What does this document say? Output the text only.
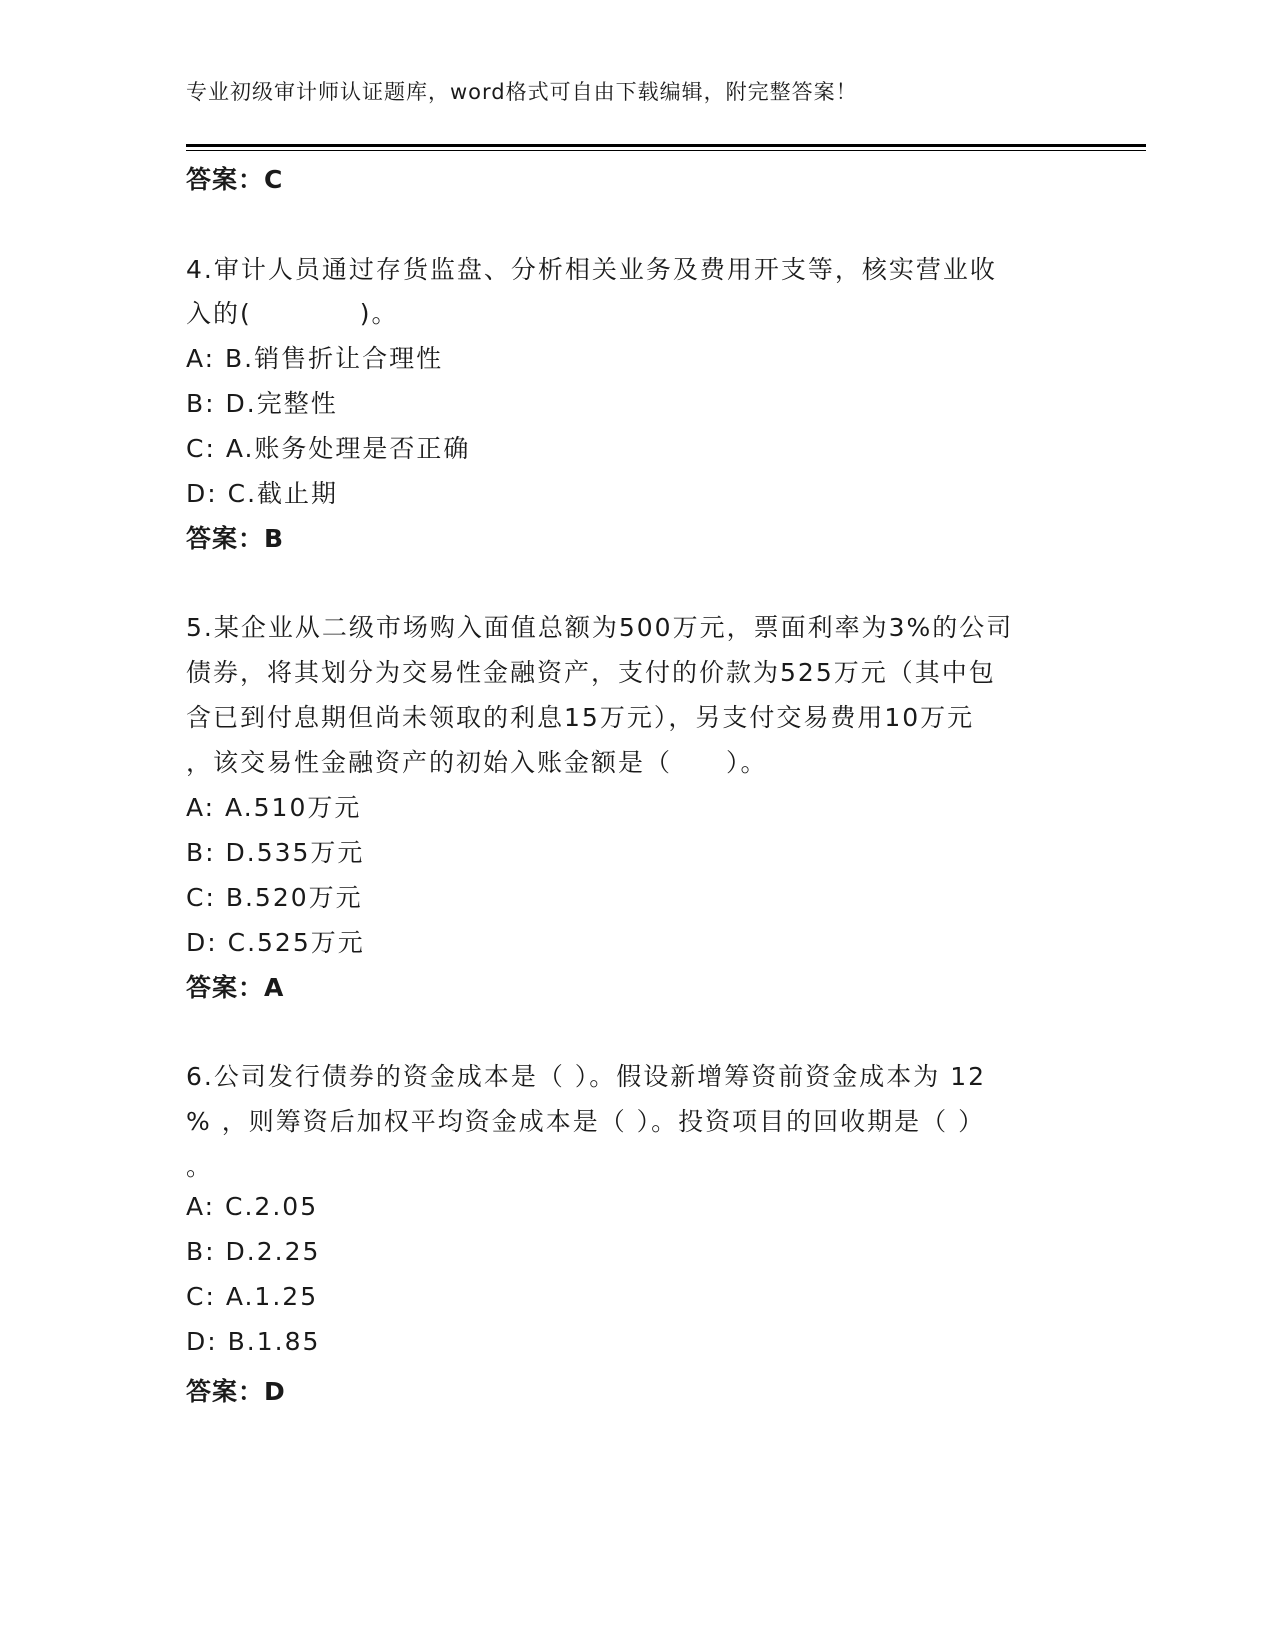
专业初级审计师认证题库，word格式可自由下载编辑，附完整答案！
答案：C
4.审计人员通过存货监盘、分析相关业务及费用开支等，核实营业收
入的(　　　　)。
A: B.销售折让合理性
B: D.完整性
C: A.账务处理是否正确
D: C.截止期
答案：B
5.某企业从二级市场购入面值总额为500万元，票面利率为3%的公司
债券，将其划分为交易性金融资产，支付的价款为525万元（其中包
含已到付息期但尚未领取的利息15万元），另支付交易费用10万元
，该交易性金融资产的初始入账金额是（　　）。
A: A.510万元
B: D.535万元
C: B.520万元
D: C.525万元
答案：A
6.公司发行债券的资金成本是（ ）。假设新增筹资前资金成本为 12
% ，则筹资后加权平均资金成本是（ ）。投资项目的回收期是（ ）
。
A: C.2.05
B: D.2.25
C: A.1.25
D: B.1.85
答案：D
